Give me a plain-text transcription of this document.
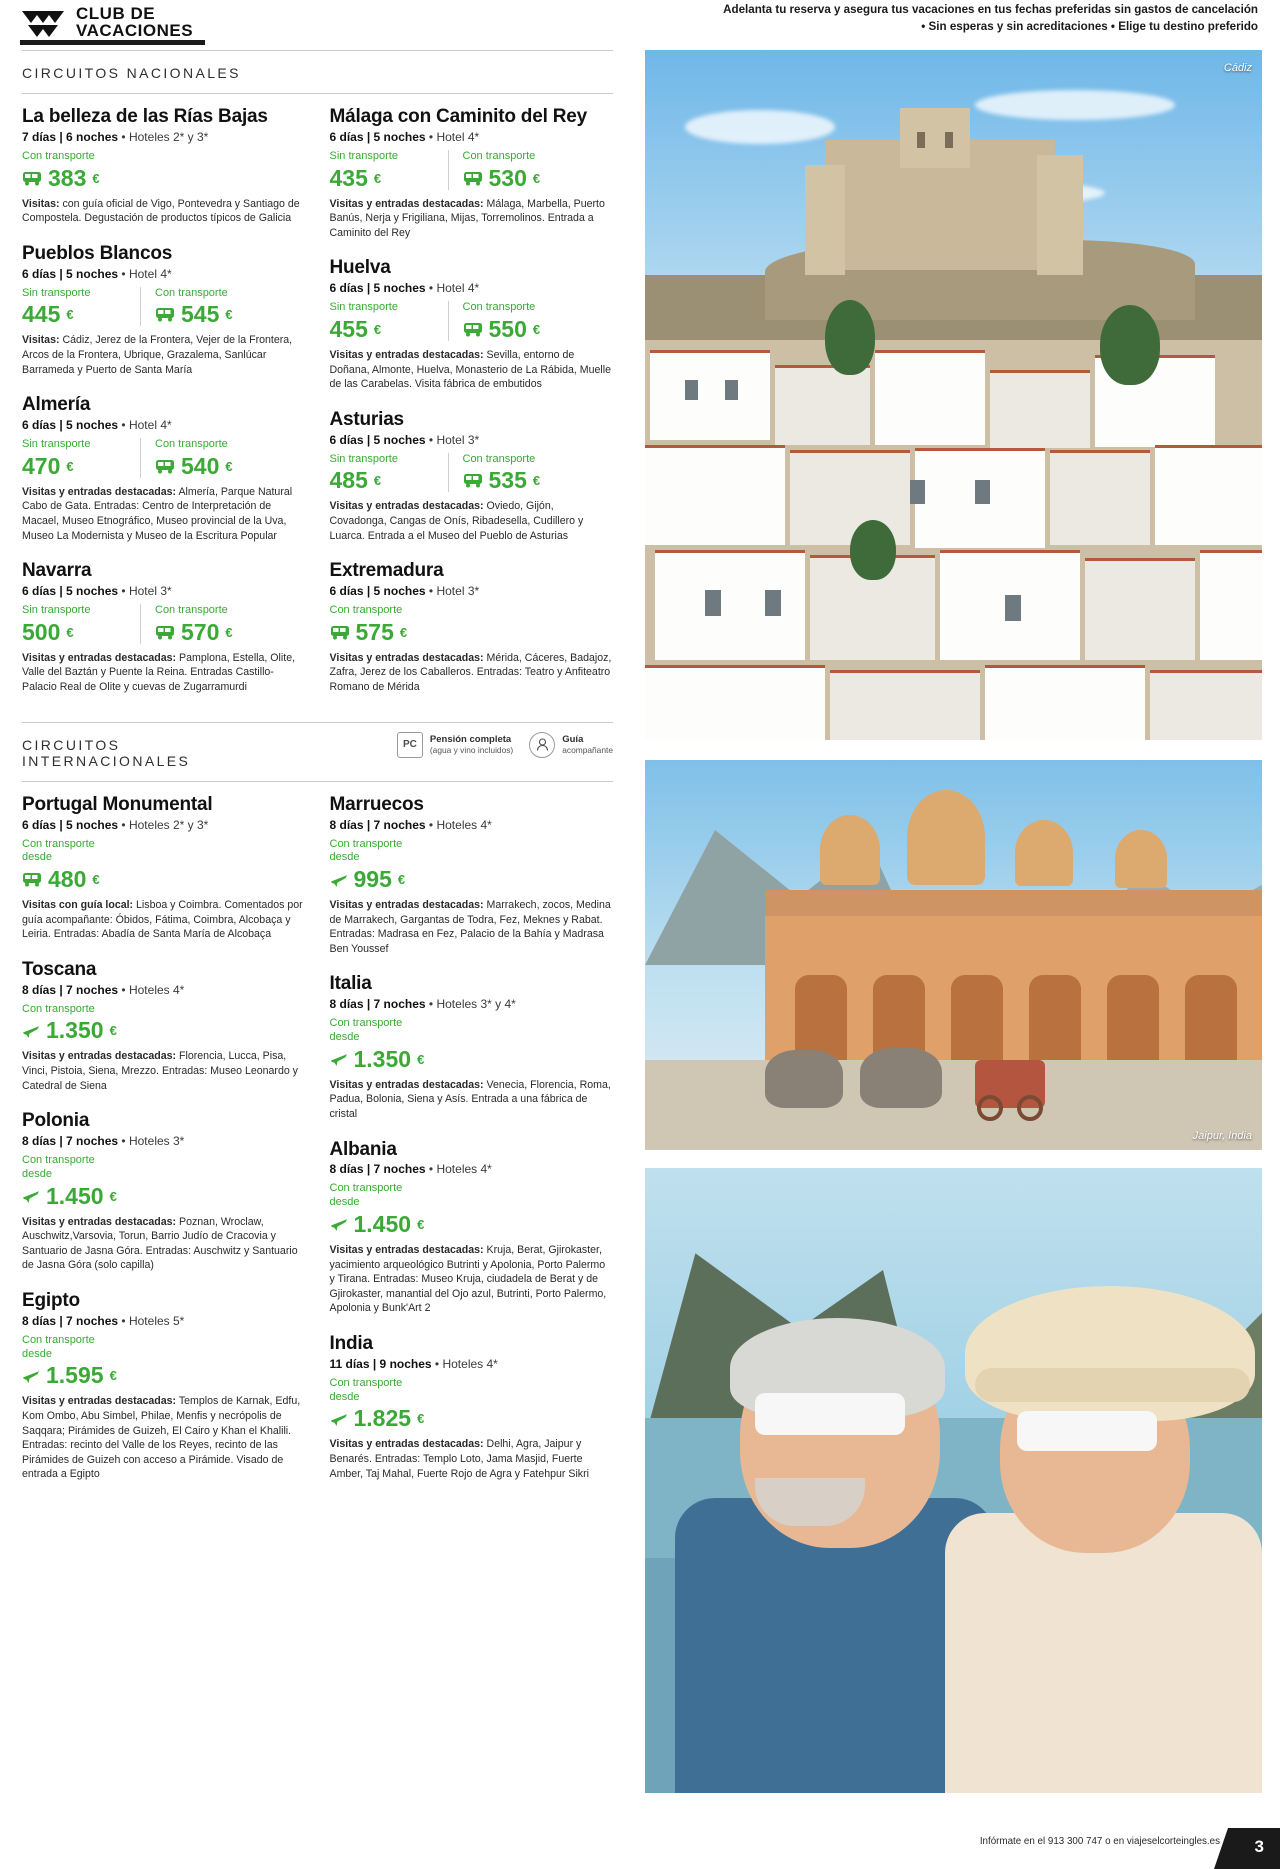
CLUB DE
VACACIONES
Adelanta tu reserva y asegura tus vacaciones en tus fechas preferidas sin gastos de cancelación
• Sin esperas y sin acreditaciones • Elige tu destino preferido
CIRCUITOS NACIONALES
La belleza de las Rías Bajas
7 días | 6 noches • Hoteles 2* y 3*
Con transporte
383 €
Visitas: con guía oficial de Vigo, Pontevedra y Santiago de Compostela. Degustación de productos típicos de Galicia
Pueblos Blancos
6 días | 5 noches • Hotel 4*
Sin transporte
445 €
Con transporte
545 €
Visitas: Cádiz, Jerez de la Frontera, Vejer de la Frontera, Arcos de la Frontera, Ubrique, Grazalema, Sanlúcar Barrameda y Puerto de Santa María
Almería
6 días | 5 noches • Hotel 4*
Sin transporte
470 €
Con transporte
540 €
Visitas y entradas destacadas: Almería, Parque Natural Cabo de Gata. Entradas: Centro de Interpretación de Macael, Museo Etnográfico, Museo provincial de la Uva, Museo La Modernista y Museo de la Escritura Popular
Navarra
6 días | 5 noches • Hotel 3*
Sin transporte
500 €
Con transporte
570 €
Visitas y entradas destacadas: Pamplona, Estella, Olite, Valle del Baztán y Puente la Reina. Entradas Castillo- Palacio Real de Olite y cuevas de Zugarramurdi
Málaga con Caminito del Rey
6 días | 5 noches • Hotel 4*
Sin transporte
435 €
Con transporte
530 €
Visitas y entradas destacadas: Málaga, Marbella, Puerto Banús, Nerja y Frigiliana, Mijas, Torremolinos. Entrada a Caminito del Rey
Huelva
6 días | 5 noches • Hotel 4*
Sin transporte
455 €
Con transporte
550 €
Visitas y entradas destacadas: Sevilla, entorno de Doñana, Almonte, Huelva, Monasterio de La Rábida, Muelle de las Carabelas. Visita fábrica de embutidos
Asturias
6 días | 5 noches • Hotel 3*
Sin transporte
485 €
Con transporte
535 €
Visitas y entradas destacadas: Oviedo, Gijón, Covadonga, Cangas de Onís, Ribadesella, Cudillero y Luarca. Entrada a el Museo del Pueblo de Asturias
Extremadura
6 días | 5 noches • Hotel 3*
Con transporte
575 €
Visitas y entradas destacadas: Mérida, Cáceres, Badajoz, Zafra, Jerez de los Caballeros. Entradas: Teatro y Anfiteatro Romano de Mérida
CIRCUITOS
INTERNACIONALES
PC	Pensión completa
(agua y vino incluidos)
Guía
acompañante
Portugal Monumental
6 días | 5 noches • Hoteles 2* y 3*
Con transporte
desde
480 €
Visitas con guía local: Lisboa y Coimbra. Comentados por guía acompañante: Óbidos, Fátima, Coimbra, Alcobaça y Leiria. Entradas: Abadía de Santa María de Alcobaça
Toscana
8 días | 7 noches • Hoteles 4*
Con transporte
1.350 €
Visitas y entradas destacadas: Florencia, Lucca, Pisa, Vinci, Pistoia, Siena, Mrezzo. Entradas: Museo Leonardo y Catedral de Siena
Polonia
8 días | 7 noches • Hoteles 3*
Con transporte
desde
1.450 €
Visitas y entradas destacadas: Poznan, Wroclaw, Auschwitz,Varsovia, Torun, Barrio Judío de Cracovia y Santuario de Jasna Góra. Entradas: Auschwitz y Santuario de Jasna Góra (solo capilla)
Egipto
8 días | 7 noches • Hoteles 5*
Con transporte
desde
1.595 €
Visitas y entradas destacadas: Templos de Karnak, Edfu, Kom Ombo, Abu Simbel, Philae, Menfis y necrópolis de Saqqara; Pirámides de Guizeh, El Cairo y Khan el Khalili. Entradas: recinto del Valle de los Reyes, recinto de las Pirámides de Guizeh con acceso a Pirámide. Visado de entrada a Egipto
Marruecos
8 días | 7 noches • Hoteles 4*
Con transporte
desde
995 €
Visitas y entradas destacadas: Marrakech, zocos, Medina de Marrakech, Gargantas de Todra, Fez, Meknes y Rabat. Entradas: Madrasa en Fez, Palacio de la Bahía y Madrasa Ben Youssef
Italia
8 días | 7 noches • Hoteles 3* y 4*
Con transporte
desde
1.350 €
Visitas y entradas destacadas: Venecia, Florencia, Roma, Padua, Bolonia, Siena y Asís. Entrada a una fábrica de cristal
Albania
8 días | 7 noches • Hoteles 4*
Con transporte
desde
1.450 €
Visitas y entradas destacadas: Kruja, Berat, Gjirokaster, yacimiento arqueológico Butrinti y Apolonia, Porto Palermo y Tirana. Entradas: Museo Kruja, ciudadela de Berat y de Gjirokaster, manantial del Ojo azul, Butrinti, Porto Palermo, Apolonia y Bunk'Art 2
India
11 días | 9 noches • Hoteles 4*
Con transporte
desde
1.825 €
Visitas y entradas destacadas: Delhi, Agra, Jaipur y Benarés. Entradas: Templo Loto, Jama Masjid, Fuerte Amber, Taj Mahal, Fuerte Rojo de Agra y Fatehpur Sikri
Cádiz
Jaipur, India
Infórmate en el 913 300 747 o en viajeselcorteingles.es 3
